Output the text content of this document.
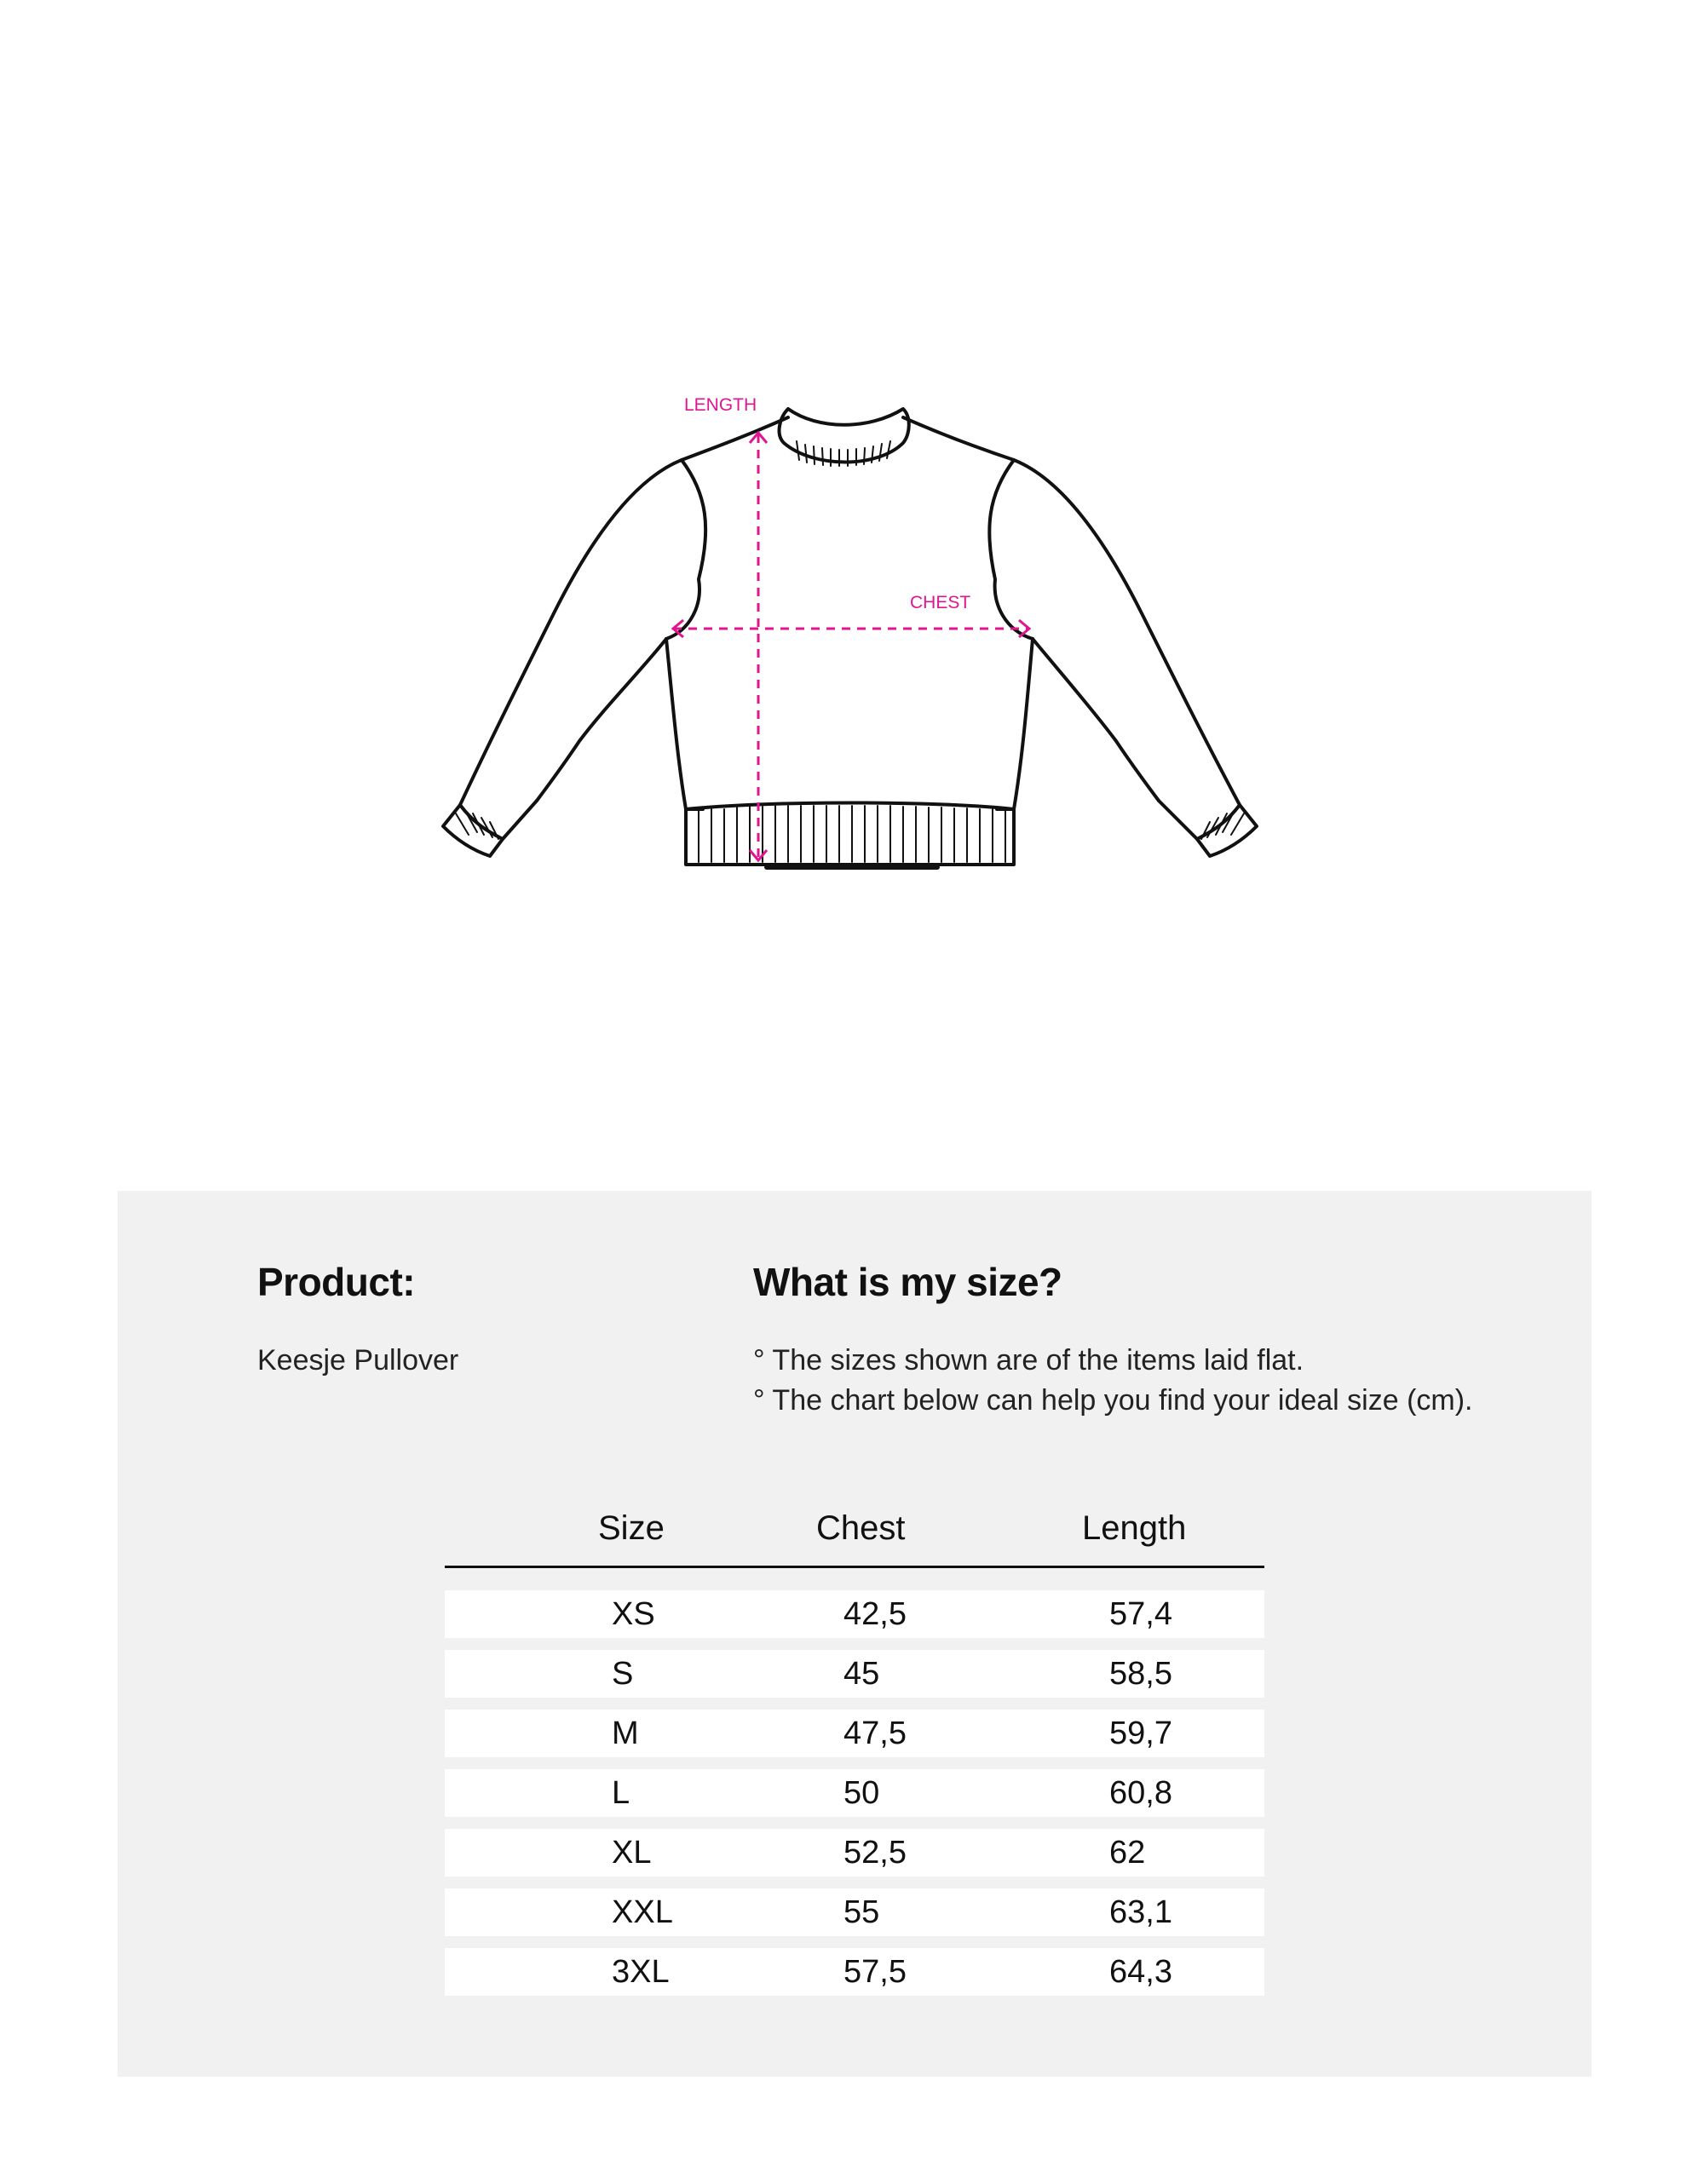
LENGTH
CHEST
Product:
Keesje Pullover
What is my size?
° The sizes shown are of the items laid flat.
° The chart below can help you find your ideal size (cm).
Size	Chest	Length

XS	42,5	57,4
S	45	58,5
M	47,5	59,7
L	50	60,8
XL	52,5	62
XXL	55	63,1
3XL	57,5	64,3
